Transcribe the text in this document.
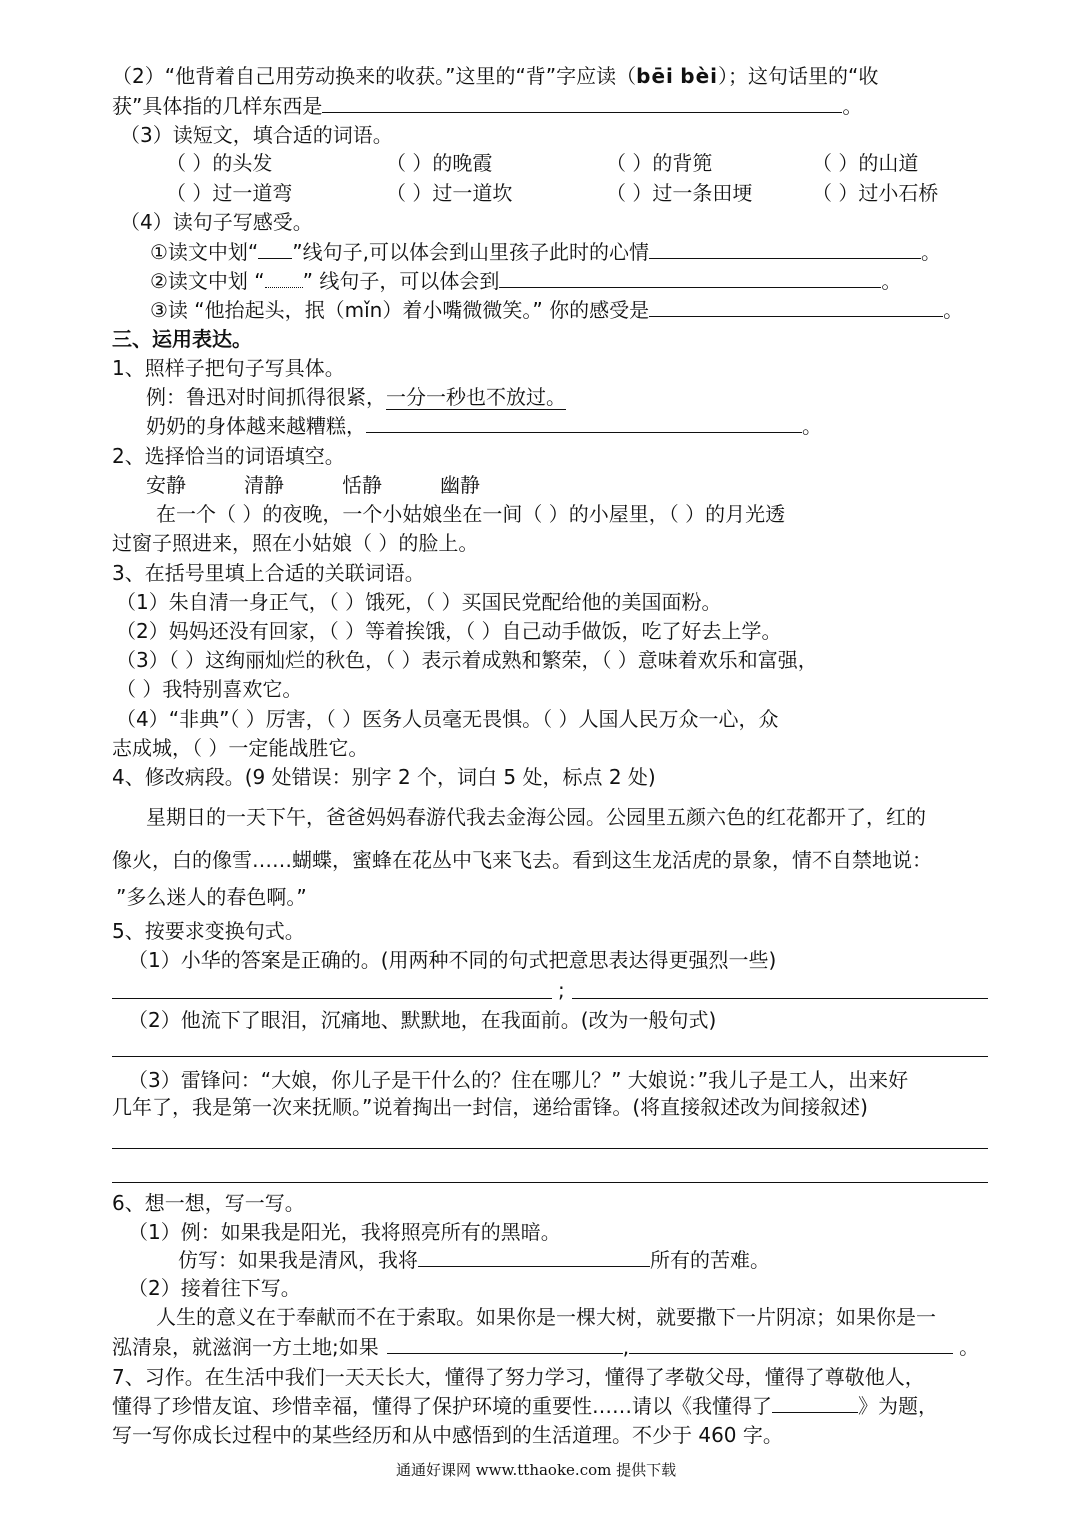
（2）“他背着自己用劳动换来的收获。”这里的“背”字应读（bēi bèi）；这句话里的“收
获”具体指的几样东西是	。
（3）读短文，填合适的词语。
（ ）的头发	（ ）的晚霞	（ ）的背篼	（ ）的山道
（ ）过一道弯	（ ）过一道坎	（ ）过一条田埂	（ ）过小石桥
（4）读句子写感受。
①读文中划“ ”线句子,可以体会到山里孩子此时的心情	。
②读文中划 “ ” 线句子，可以体会到	。
③读 “他抬起头，抿（mǐn）着小嘴微微笑。” 你的感受是	。
三、运用表达。
1、照样子把句子写具体。
例：鲁迅对时间抓得很紧，一分一秒也不放过。
奶奶的身体越来越糟糕，	。
2、选择恰当的词语填空。
安静	清静	恬静	幽静
在一个（ ）的夜晚，一个小姑娘坐在一间（ ）的小屋里，（ ）的月光透
过窗子照进来，照在小姑娘（ ）的脸上。
3、在括号里填上合适的关联词语。
（1）朱自清一身正气，（ ）饿死，（ ）买国民党配给他的美国面粉。
（2）妈妈还没有回家，（ ）等着挨饿，（ ）自己动手做饭，吃了好去上学。
（3）（ ）这绚丽灿烂的秋色，（ ）表示着成熟和繁荣，（ ）意味着欢乐和富强，
（ ）我特别喜欢它。
（4）“非典”（ ）厉害，（ ）医务人员毫无畏惧。（ ）人国人民万众一心，众
志成城，（ ）一定能战胜它。
4、修改病段。(9 处错误：别字 2 个，词白 5 处，标点 2 处)
星期日的一天下午，爸爸妈妈春游代我去金海公园。公园里五颜六色的红花都开了，红的
像火，白的像雪……蝴蝶，蜜蜂在花丛中飞来飞去。看到这生龙活虎的景象，情不自禁地说：
”多么迷人的春色啊。”
5、按要求变换句式。
（1）小华的答案是正确的。(用两种不同的句式把意思表达得更强烈一些)
;
（2）他流下了眼泪，沉痛地、默默地，在我面前。(改为一般句式)
（3）雷锋问：“大娘，你儿子是干什么的？住在哪儿？” 大娘说：”我儿子是工人，出来好
几年了，我是第一次来抚顺。”说着掏出一封信，递给雷锋。(将直接叙述改为间接叙述)
6、想一想，写一写。
（1）例：如果我是阳光，我将照亮所有的黑暗。
仿写：如果我是清风，我将	所有的苦难。
（2）接着往下写。
人生的意义在于奉献而不在于索取。如果你是一棵大树，就要撒下一片阴凉；如果你是一
泓清泉，就滋润一方土地;如果	,	。
7、习作。在生活中我们一天天长大，懂得了努力学习，懂得了孝敬父母，懂得了尊敬他人，
懂得了珍惜友谊、珍惜幸福，懂得了保护环境的重要性……请以《我懂得了	》为题，
写一写你成长过程中的某些经历和从中感悟到的生活道理。不少于 460 字。
通通好课网 www.tthaoke.com 提供下载
